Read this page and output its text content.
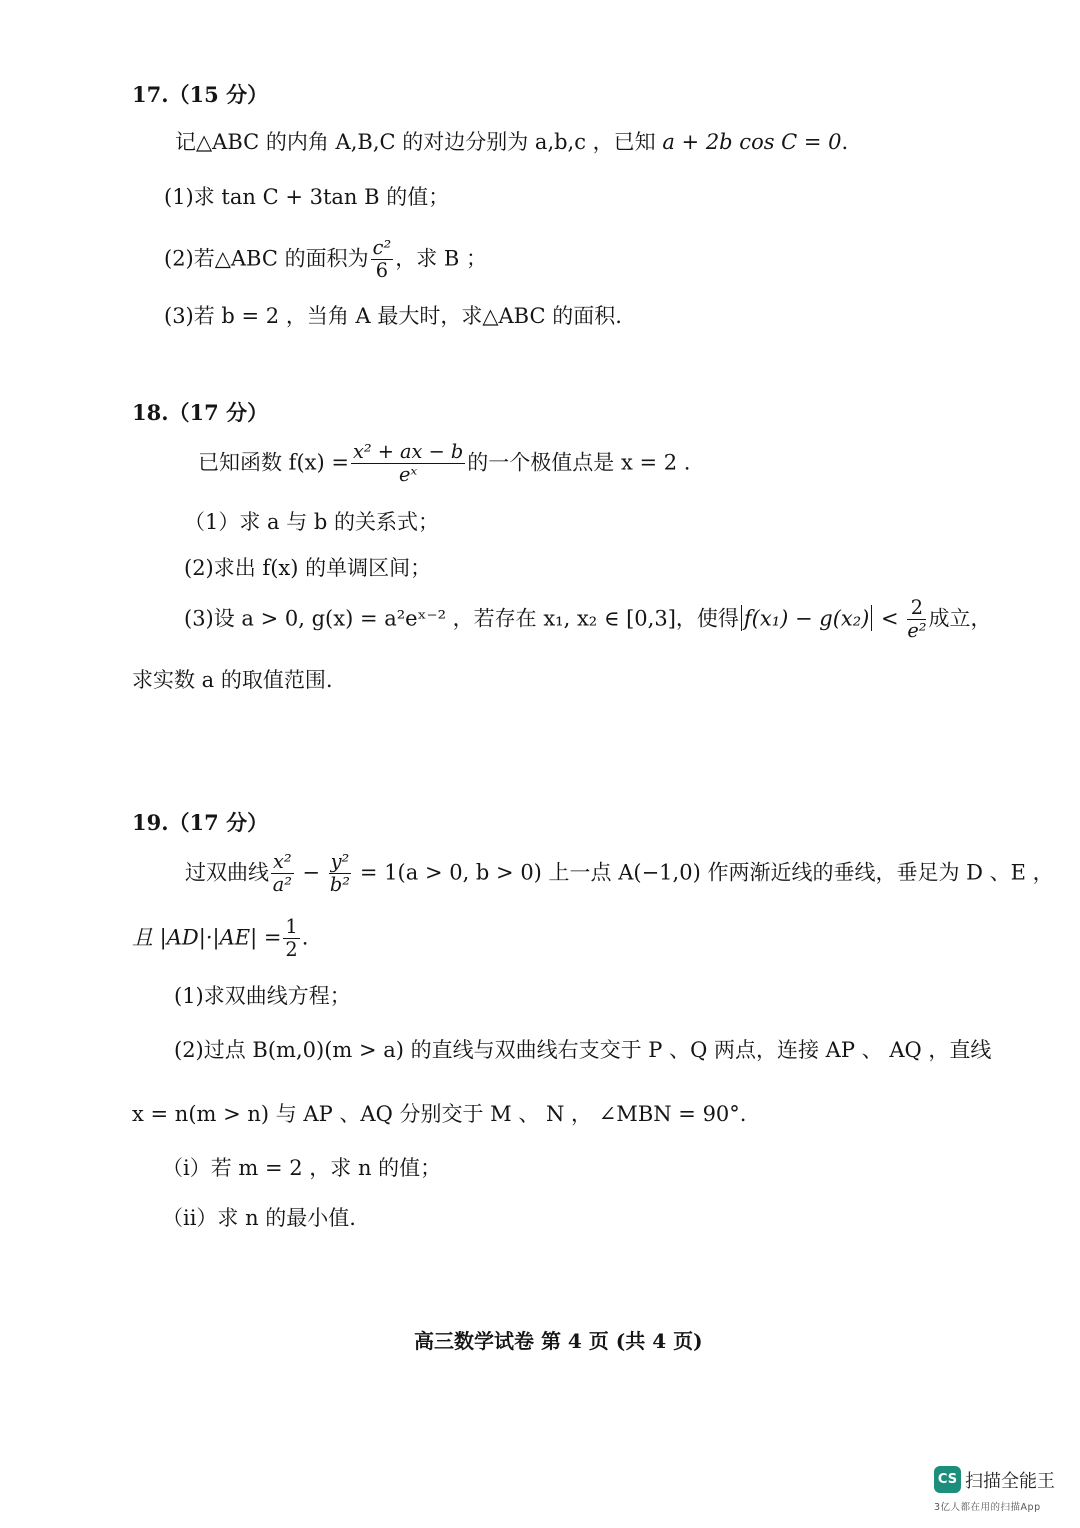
17.（15 分）
记△ABC 的内角 A,B,C 的对边分别为 a,b,c ，已知 a + 2b cos C = 0.
(1)求 tan C + 3tan B 的值；
(2)若△ABC 的面积为 $\frac{\text{c²}}{6}$ ，求 B ；
(3)若 b = 2 ，当角 A 最大时，求△ABC 的面积.
18.（17 分）
已知函数 $f(x) = \frac{\text{x² + ax − b}}{\text{eˣ}}$ 的一个极值点是 x = 2 .
（1）求 a 与 b 的关系式；
(2)求出 f(x) 的单调区间；
(3)设 a > 0, g(x) = a²eˣ⁻² ，若存在 x₁, x₂ ∈ [0,3]，使得 $f(x_1) - g(x_2) < \frac{2}{\text{e²}}$ 成立，
求实数 a 的取值范围.
19.（17 分）
过双曲线 $\frac{\text{x²}}{\text{a²}} - \frac{\text{y²}}{\text{b²}} = 1(a > 0$, b > 0) 上一点 A(−1,0) 作两渐近线的垂线，垂足为 D 、E ，
且 $|AD|\cdot|AE| = \frac{1}{2}$ .
(1)求双曲线方程；
(2)过点 B(m,0)(m > a) 的直线与双曲线右支交于 P 、Q 两点，连接 AP 、 AQ ，直线
x = n(m > n) 与 AP 、AQ 分别交于 M 、 N ， ∠MBN = 90°.
（i）若 m = 2 ，求 n 的值；
（ii）求 n 的最小值.
高三数学试卷 第 4 页 (共 4 页)
CS 扫描全能王
3亿人都在用的扫描App
